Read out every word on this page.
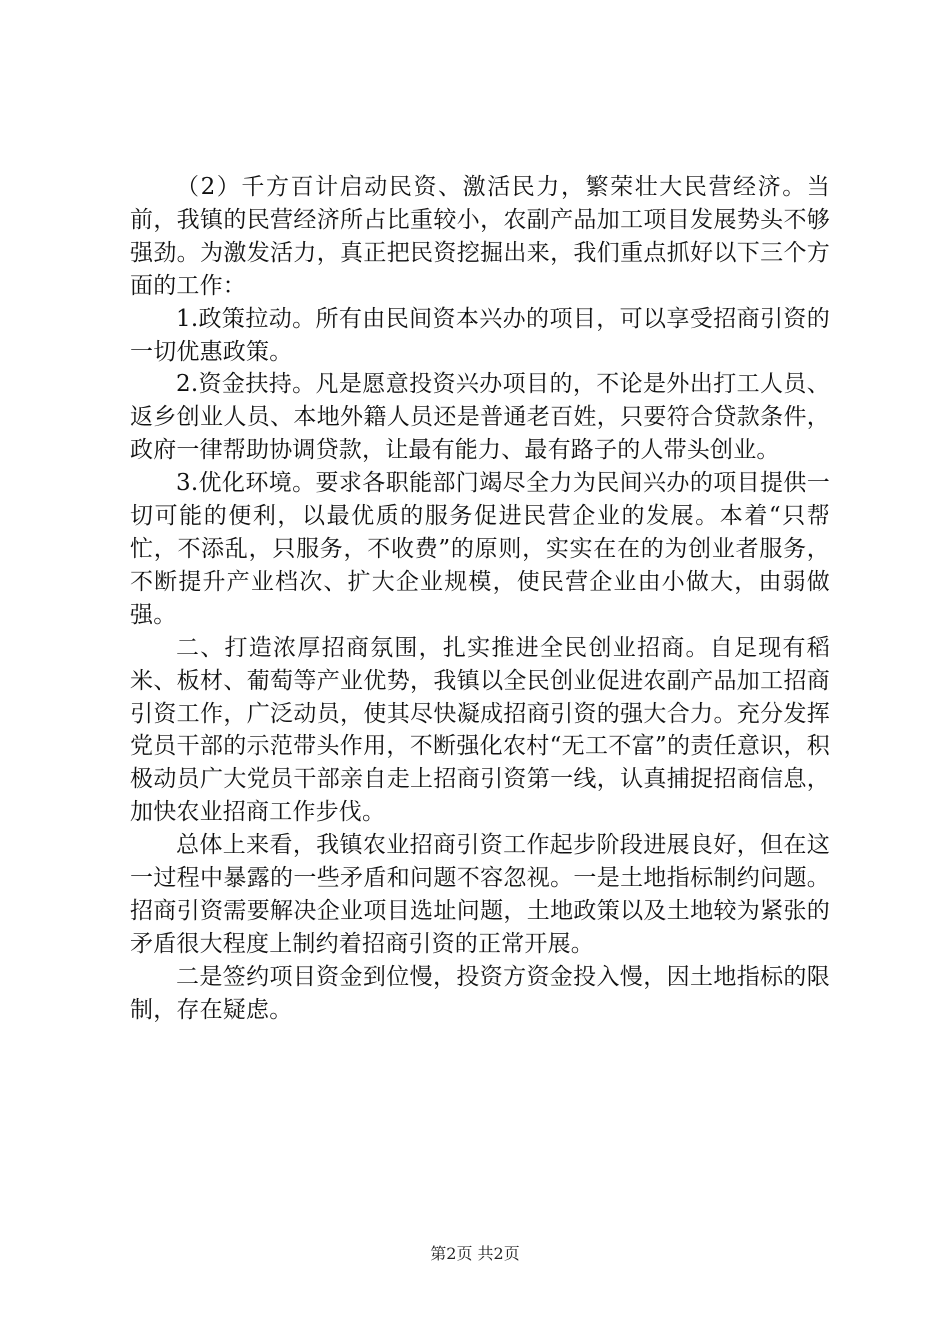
（2）千方百计启动民资、激活民力，繁荣壮大民营经济。当前，我镇的民营经济所占比重较小，农副产品加工项目发展势头不够强劲。为激发活力，真正把民资挖掘出来，我们重点抓好以下三个方面的工作：

1.政策拉动。所有由民间资本兴办的项目，可以享受招商引资的一切优惠政策。

2.资金扶持。凡是愿意投资兴办项目的，不论是外出打工人员、返乡创业人员、本地外籍人员还是普通老百姓，只要符合贷款条件，政府一律帮助协调贷款，让最有能力、最有路子的人带头创业。

3.优化环境。要求各职能部门竭尽全力为民间兴办的项目提供一切可能的便利，以最优质的服务促进民营企业的发展。本着“只帮忙，不添乱，只服务，不收费”的原则，实实在在的为创业者服务，不断提升产业档次、扩大企业规模，使民营企业由小做大，由弱做强。

二、打造浓厚招商氛围，扎实推进全民创业招商。自足现有稻米、板材、葡萄等产业优势，我镇以全民创业促进农副产品加工招商引资工作，广泛动员，使其尽快凝成招商引资的强大合力。充分发挥党员干部的示范带头作用，不断强化农村“无工不富”的责任意识，积极动员广大党员干部亲自走上招商引资第一线，认真捕捉招商信息，加快农业招商工作步伐。

总体上来看，我镇农业招商引资工作起步阶段进展良好，但在这一过程中暴露的一些矛盾和问题不容忽视。一是土地指标制约问题。招商引资需要解决企业项目选址问题，土地政策以及土地较为紧张的矛盾很大程度上制约着招商引资的正常开展。

二是签约项目资金到位慢，投资方资金投入慢，因土地指标的限制，存在疑虑。

第2页 共2页
